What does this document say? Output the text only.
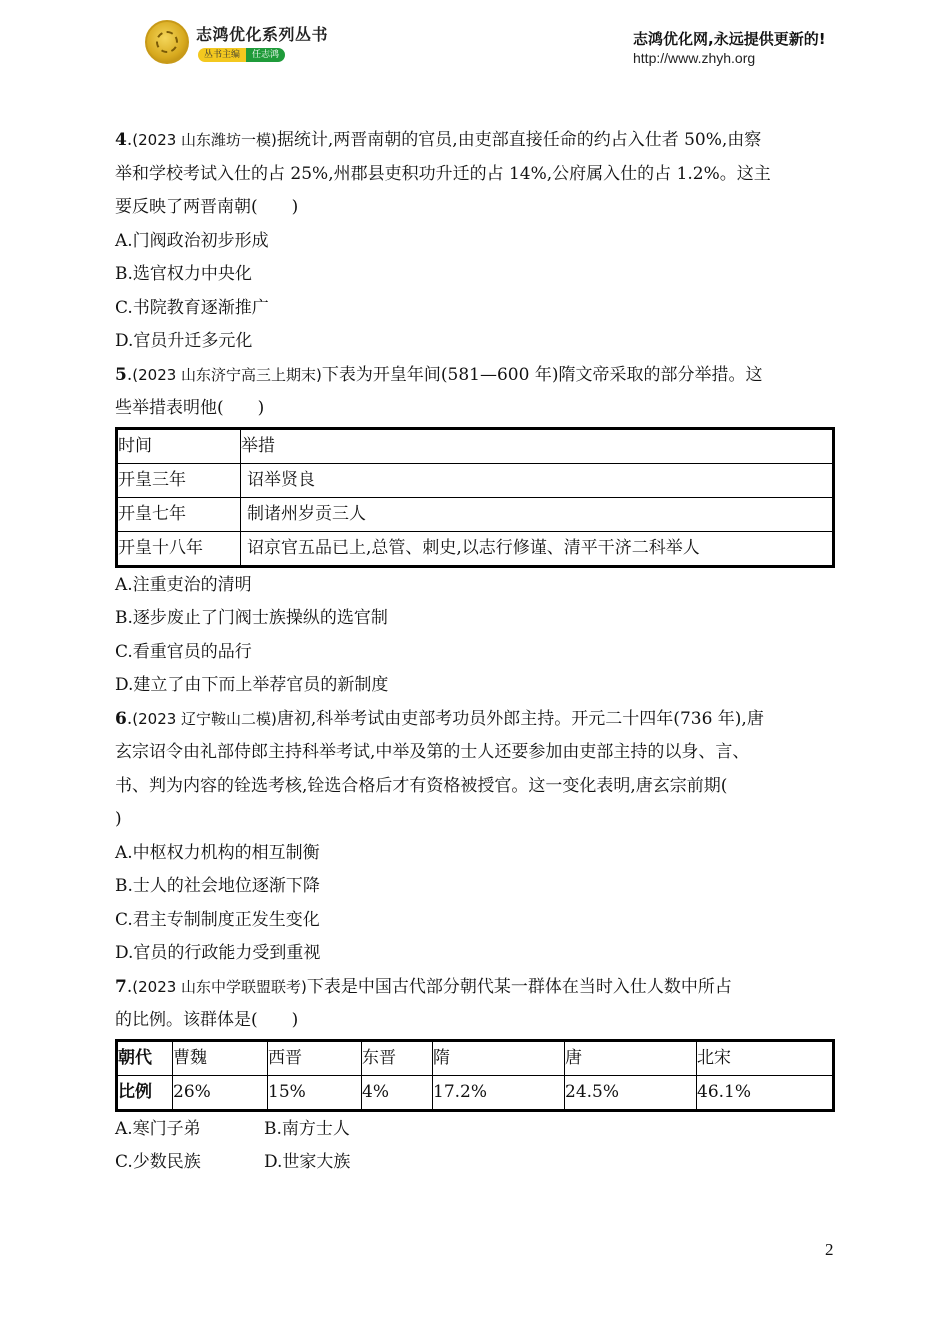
志鸿优化系列丛书
丛书主编	任志鸿
志鸿优化网,永远提供更新的!
http://www.zhyh.org

4.(2023 山东潍坊一模)据统计,两晋南朝的官员,由吏部直接任命的约占入仕者 50%,由察

举和学校考试入仕的占 25%,州郡县吏积功升迁的占 14%,公府属入仕的占 1.2%。这主

要反映了两晋南朝(　　)

A.门阀政治初步形成

B.选官权力中央化

C.书院教育逐渐推广

D.官员升迁多元化

5.(2023 山东济宁高三上期末)下表为开皇年间(581—600 年)隋文帝采取的部分举措。这

些举措表明他(　　)

时间	举措
开皇三年	诏举贤良
开皇七年	制诸州岁贡三人
开皇十八年	诏京官五品已上,总管、刺史,以志行修谨、清平干济二科举人

A.注重吏治的清明

B.逐步废止了门阀士族操纵的选官制

C.看重官员的品行

D.建立了由下而上举荐官员的新制度

6.(2023 辽宁鞍山二模)唐初,科举考试由吏部考功员外郎主持。开元二十四年(736 年),唐

玄宗诏令由礼部侍郎主持科举考试,中举及第的士人还要参加由吏部主持的以身、言、

书、判为内容的铨选考核,铨选合格后才有资格被授官。这一变化表明,唐玄宗前期(

)

A.中枢权力机构的相互制衡

B.士人的社会地位逐渐下降

C.君主专制制度正发生变化

D.官员的行政能力受到重视

7.(2023 山东中学联盟联考)下表是中国古代部分朝代某一群体在当时入仕人数中所占

的比例。该群体是(　　)

朝代	曹魏	西晋	东晋	隋	唐	北宋
比例	26%	15%	4%	17.2%	24.5%	46.1%
A.寒门子弟	B.南方士人
C.少数民族	D.世家大族
2
